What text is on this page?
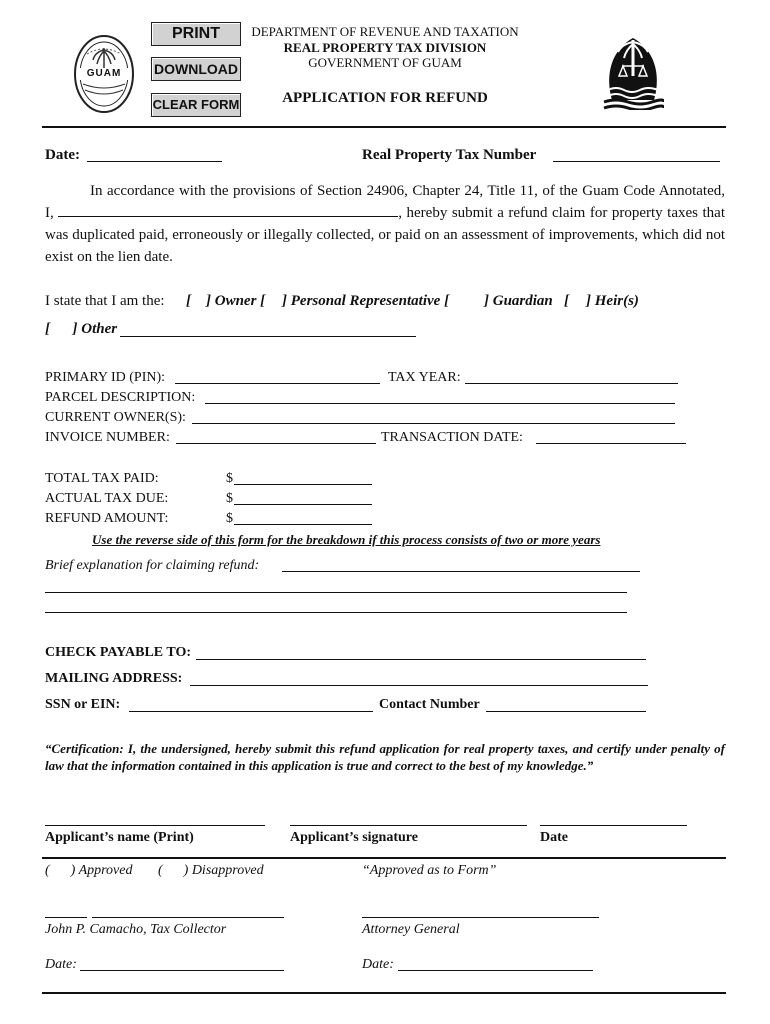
PRINT
DOWNLOAD
CLEAR FORM
GUAM
DEPARTMENT OF REVENUE AND TAXATION
REAL PROPERTY TAX DIVISION
GOVERNMENT OF GUAM
APPLICATION FOR REFUND
Date:	Real Property Tax Number
In accordance with the provisions of Section 24906, Chapter 24, Title 11, of the Guam Code Annotated, I,	, hereby submit a refund claim for property taxes that was duplicated paid, erroneously or illegally collected, or paid on an assessment of improvements, which did not exist on the lien date.
I state that I am the: [    ] Owner [ ] Personal Representative [ ] Guardian   [ ] Heir(s)
[      ] Other
PRIMARY ID (PIN):	TAX YEAR:
PARCEL DESCRIPTION:
CURRENT OWNER(S):
INVOICE NUMBER:	TRANSACTION DATE:
TOTAL TAX PAID:	$
ACTUAL TAX DUE:	$
REFUND AMOUNT:	$
Use the reverse side of this form for the breakdown if this process consists of two or more years
Brief explanation for claiming refund:
CHECK PAYABLE TO:
MAILING ADDRESS:
SSN or EIN:	Contact Number
“Certification: I, the undersigned, hereby submit this refund application for real property taxes, and certify under penalty of law that the information contained in this application is true and correct to the best of my knowledge.”
Applicant’s name (Print)	Applicant’s signature	Date
(      ) Approved (      ) Disapproved	“Approved as to Form”
John P. Camacho, Tax Collector	Attorney General
Date:	Date:
